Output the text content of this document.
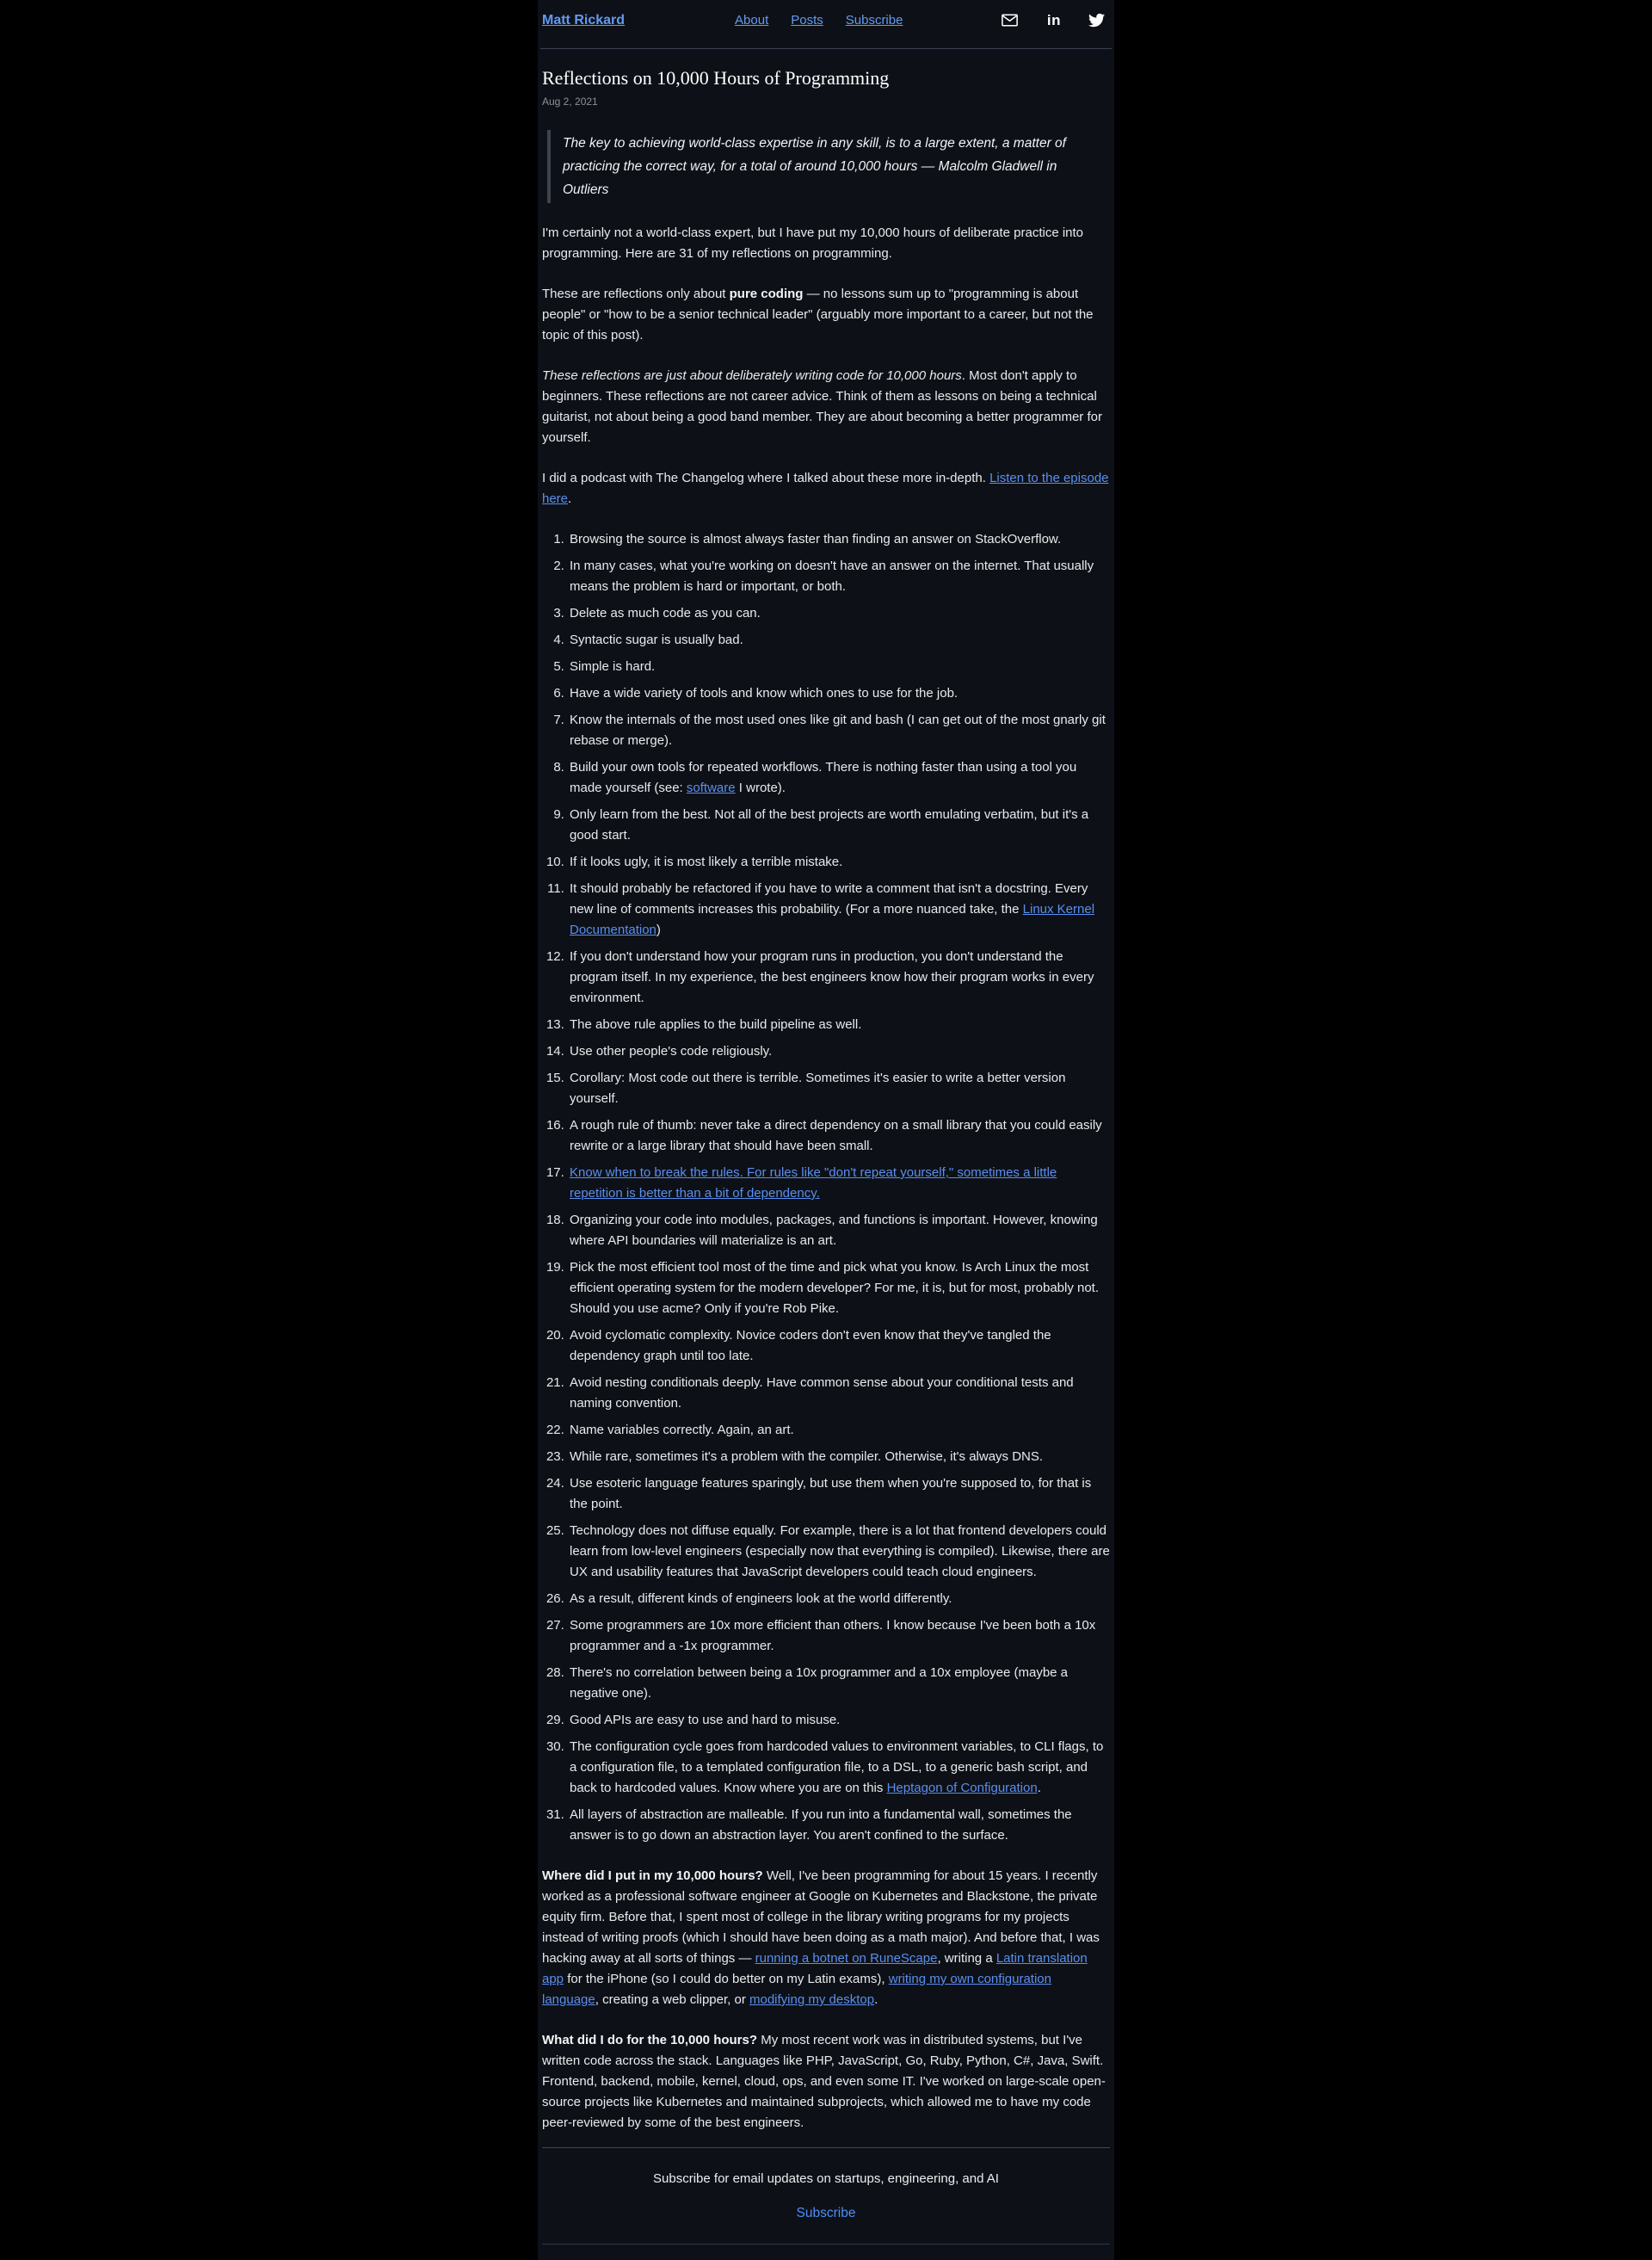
Matt Rickard	About Posts Subscribe	in
Reflections on 10,000 Hours of Programming
Aug 2, 2021
The key to achieving world-class expertise in any skill, is to a large extent, a matter of practicing the correct way, for a total of around 10,000 hours — Malcolm Gladwell in Outliers

I'm certainly not a world-class expert, but I have put my 10,000 hours of deliberate practice into programming. Here are 31 of my reflections on programming.

These are reflections only about pure coding — no lessons sum up to "programming is about people" or "how to be a senior technical leader" (arguably more important to a career, but not the topic of this post).

These reflections are just about deliberately writing code for 10,000 hours. Most don't apply to beginners. These reflections are not career advice. Think of them as lessons on being a technical guitarist, not about being a good band member. They are about becoming a better programmer for yourself.

I did a podcast with The Changelog where I talked about these more in-depth. Listen to the episode here.

1. Browsing the source is almost always faster than finding an answer on StackOverflow.
2. In many cases, what you're working on doesn't have an answer on the internet. That usually means the problem is hard or important, or both.
3. Delete as much code as you can.
4. Syntactic sugar is usually bad.
5. Simple is hard.
6. Have a wide variety of tools and know which ones to use for the job.
7. Know the internals of the most used ones like git and bash (I can get out of the most gnarly git rebase or merge).
8. Build your own tools for repeated workflows. There is nothing faster than using a tool you made yourself (see: software I wrote).
9. Only learn from the best. Not all of the best projects are worth emulating verbatim, but it's a good start.
10. If it looks ugly, it is most likely a terrible mistake.
11. It should probably be refactored if you have to write a comment that isn't a docstring. Every new line of comments increases this probability. (For a more nuanced take, the Linux Kernel Documentation)
12. If you don't understand how your program runs in production, you don't understand the program itself. In my experience, the best engineers know how their program works in every environment.
13. The above rule applies to the build pipeline as well.
14. Use other people's code religiously.
15. Corollary: Most code out there is terrible. Sometimes it's easier to write a better version yourself.
16. A rough rule of thumb: never take a direct dependency on a small library that you could easily rewrite or a large library that should have been small.
17. Know when to break the rules. For rules like "don't repeat yourself," sometimes a little repetition is better than a bit of dependency.
18. Organizing your code into modules, packages, and functions is important. However, knowing where API boundaries will materialize is an art.
19. Pick the most efficient tool most of the time and pick what you know. Is Arch Linux the most efficient operating system for the modern developer? For me, it is, but for most, probably not. Should you use acme? Only if you're Rob Pike.
20. Avoid cyclomatic complexity. Novice coders don't even know that they've tangled the dependency graph until too late.
21. Avoid nesting conditionals deeply. Have common sense about your conditional tests and naming convention.
22. Name variables correctly. Again, an art.
23. While rare, sometimes it's a problem with the compiler. Otherwise, it's always DNS.
24. Use esoteric language features sparingly, but use them when you're supposed to, for that is the point.
25. Technology does not diffuse equally. For example, there is a lot that frontend developers could learn from low-level engineers (especially now that everything is compiled). Likewise, there are UX and usability features that JavaScript developers could teach cloud engineers.
26. As a result, different kinds of engineers look at the world differently.
27. Some programmers are 10x more efficient than others. I know because I've been both a 10x programmer and a -1x programmer.
28. There's no correlation between being a 10x programmer and a 10x employee (maybe a negative one).
29. Good APIs are easy to use and hard to misuse.
30. The configuration cycle goes from hardcoded values to environment variables, to CLI flags, to a configuration file, to a templated configuration file, to a DSL, to a generic bash script, and back to hardcoded values. Know where you are on this Heptagon of Configuration.
31. All layers of abstraction are malleable. If you run into a fundamental wall, sometimes the answer is to go down an abstraction layer. You aren't confined to the surface.

Where did I put in my 10,000 hours? Well, I've been programming for about 15 years. I recently worked as a professional software engineer at Google on Kubernetes and Blackstone, the private equity firm. Before that, I spent most of college in the library writing programs for my projects instead of writing proofs (which I should have been doing as a math major). And before that, I was hacking away at all sorts of things — running a botnet on RuneScape, writing a Latin translation app for the iPhone (so I could do better on my Latin exams), writing my own configuration language, creating a web clipper, or modifying my desktop.

What did I do for the 10,000 hours? My most recent work was in distributed systems, but I've written code across the stack. Languages like PHP, JavaScript, Go, Ruby, Python, C#, Java, Swift. Frontend, backend, mobile, kernel, cloud, ops, and even some IT. I've worked on large-scale open-source projects like Kubernetes and maintained subprojects, which allowed me to have my code peer-reviewed by some of the best engineers.

Subscribe for email updates on startups, engineering, and AI

Subscribe
